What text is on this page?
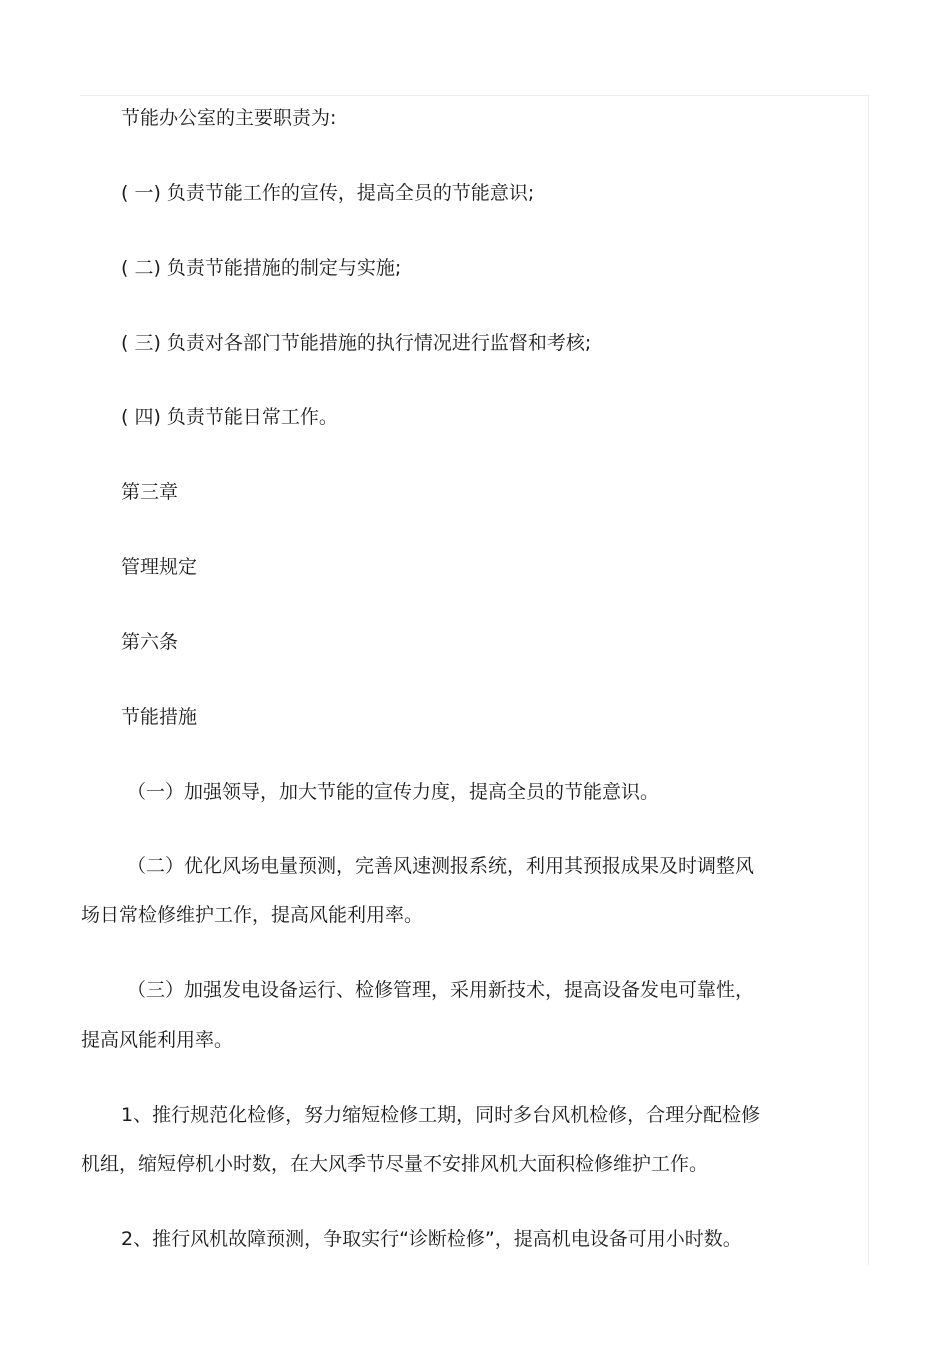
节能办公室的主要职责为:

( 一) 负责节能工作的宣传，提高全员的节能意识;

( 二) 负责节能措施的制定与实施;

( 三) 负责对各部门节能措施的执行情况进行监督和考核;

( 四) 负责节能日常工作。

第三章

管理规定

第六条

节能措施

（一）加强领导，加大节能的宣传力度，提高全员的节能意识。

（二）优化风场电量预测，完善风速测报系统，利用其预报成果及时调整风

场日常检修维护工作，提高风能利用率。

（三）加强发电设备运行、检修管理，采用新技术，提高设备发电可靠性，

提高风能利用率。

1、推行规范化检修，努力缩短检修工期，同时多台风机检修，合理分配检修

机组，缩短停机小时数，在大风季节尽量不安排风机大面积检修维护工作。

2、推行风机故障预测，争取实行“诊断检修”，提高机电设备可用小时数。
